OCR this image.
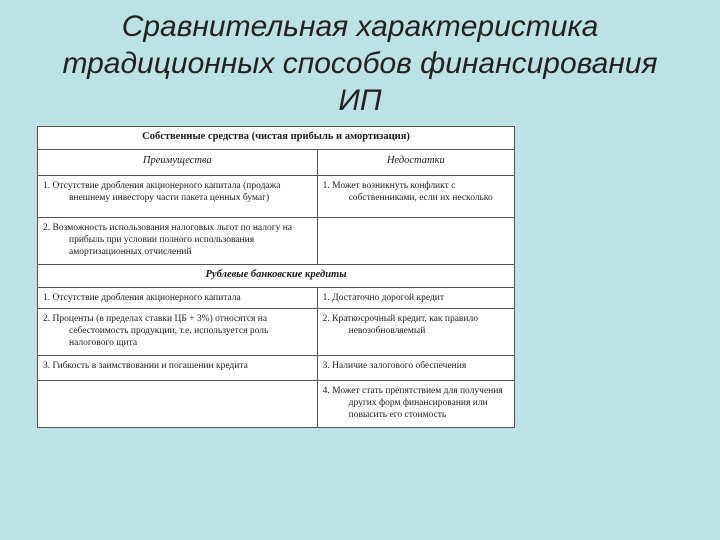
Сравнительная характеристика
традиционных способов финансирования
ИП
Собственные средства (чистая прибыль и амортизация)	
Преимущества	Недостатки

1. Отсутствие дробления акционерного капитала (продажа внешнему инвестору части пакета ценных бумаг)	1. Может возникнуть конфликт с собственниками, если их несколько

2. Возможность использования налоговых льгот по налогу на прибыль при условии полного использования амортизационных отчислений	

Рублевые банковские кредиты	

1. Отсутствие дробления акционерного капитала	1. Достаточно дорогой кредит

2. Проценты (в пределах ставки ЦБ + 3%) относятся на себестоимость продукции, т.е. используется роль налогового щита	2. Краткосрочный кредит, как правило невозобновляемый

3. Гибкость в заимствовании и погашении кредита	3. Наличие залогового обеспечения

	4. Может стать препятствием для получения других форм финансирования или повысить его стоимость
